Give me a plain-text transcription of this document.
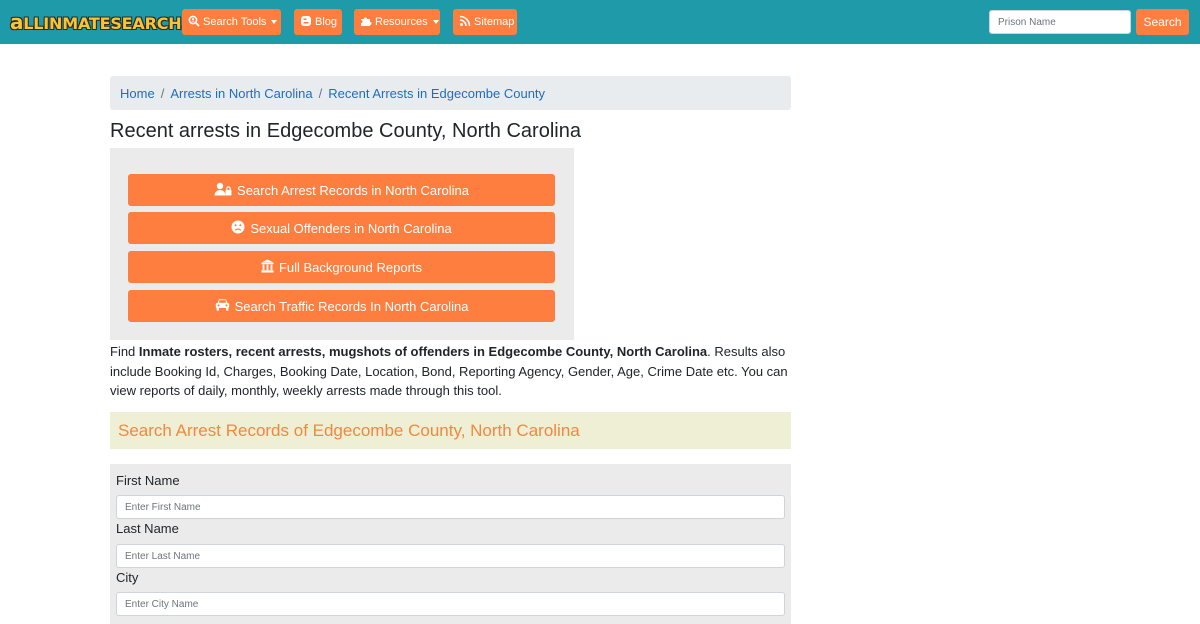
aLLINMATESEARCH	Search Tools	Blog	Resources	Sitemap
Prison Name	Search
Home / Arrests in North Carolina / Recent Arrests in Edgecombe County
Recent arrests in Edgecombe County, North Carolina
Search Arrest Records in North Carolina
Sexual Offenders in North Carolina
Full Background Reports
Search Traffic Records In North Carolina

Find Inmate rosters, recent arrests, mugshots of offenders in Edgecombe County, North Carolina. Results also include Booking Id, Charges, Booking Date, Location, Bond, Reporting Agency, Gender, Age, Crime Date etc. You can view reports of daily, monthly, weekly arrests made through this tool.

Search Arrest Records of Edgecombe County, North Carolina
First Name
Enter First Name
Last Name
Enter Last Name
City
Enter City Name
